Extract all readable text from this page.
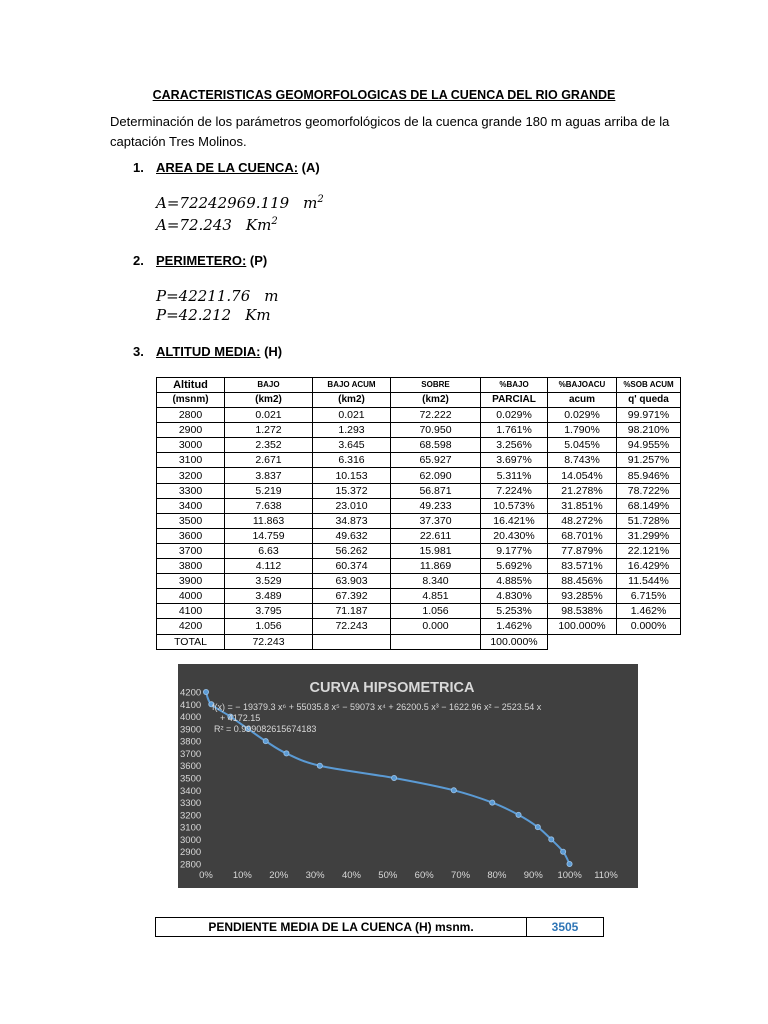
CARACTERISTICAS GEOMORFOLOGICAS DE LA CUENCA DEL RIO GRANDE
Determinación de los parámetros geomorfológicos de la cuenca grande 180 m aguas arriba de la captación Tres Molinos.
1. AREA DE LA CUENCA: (A)
A=72242969.119 $m^2$
A=72.243 Km$^2$
2. PERIMETERO: (P)
P=42211.76 m
P=42.212 Km
3. ALTITUD MEDIA: (H)
Altitud	BAJO	BAJO ACUM	SOBRE	%BAJO	%BAJOACU	%SOB ACUM
(msnm)	(km2)	(km2)	(km2)	PARCIAL	acum	q' queda
2800	0.021	0.021	72.222	0.029%	0.029%	99.971%
2900	1.272	1.293	70.950	1.761%	1.790%	98.210%
3000	2.352	3.645	68.598	3.256%	5.045%	94.955%
3100	2.671	6.316	65.927	3.697%	8.743%	91.257%
3200	3.837	10.153	62.090	5.311%	14.054%	85.946%
3300	5.219	15.372	56.871	7.224%	21.278%	78.722%
3400	7.638	23.010	49.233	10.573%	31.851%	68.149%
3500	11.863	34.873	37.370	16.421%	48.272%	51.728%
3600	14.759	49.632	22.611	20.430%	68.701%	31.299%
3700	6.63	56.262	15.981	9.177%	77.879%	22.121%
3800	4.112	60.374	11.869	5.692%	83.571%	16.429%
3900	3.529	63.903	8.340	4.885%	88.456%	11.544%
4000	3.489	67.392	4.851	4.830%	93.285%	6.715%
4100	3.795	71.187	1.056	5.253%	98.538%	1.462%
4200	1.056	72.243	0.000	1.462%	100.000%	0.000%
TOTAL	72.243			100.000%		
CURVA HIPSOMETRICA
4200
4100
4000
3900
3800
3700
3600
3500
3400
3300
3200
3100
3000
2900
2800
0% 10% 20% 30% 40% 50% 60% 70% 80% 90% 100% 110%
f(x) = − 19379.3 x⁶ + 55035.8 x⁵ − 59073 x⁴ + 26200.5 x³ − 1622.96 x² − 2523.54 x + 4172.15
R² = 0.999082615674183
PENDIENTE MEDIA DE LA CUENCA (H) msnm.	3505
